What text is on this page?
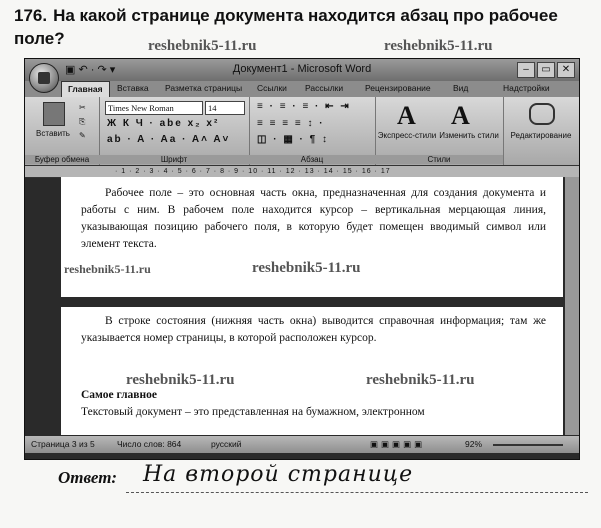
176. На какой странице документа находится абзац про рабочее поле?	reshebnik5-11.ru	reshebnik5-11.ru
▣ ↶ · ↷ ▾	Документ1 - Microsoft Word	– ▭ ✕
Главная	Вставка Разметка страницы Ссылки Рассылки	Рецензирование	Вид	Надстройки
Вставить
✂
⎘
✎
Буфер обмена
Times New Roman	14
Ж К Ч · abe x₂ x²
ab · A · Aa · A˄ A˅
Шрифт
≡ · ≡ · ≡ · ⇤ ⇥
≡ ≡ ≡ ≡ ↕ ·
◫ · ▦ · ¶ ↕
Абзац
A A
Экспресс-стили Изменить стили
Стили
Редактирование
· 1 · 2 · 3 · 4 · 5 · 6 · 7 · 8 · 9 · 10 · 11 · 12 · 13 · 14 · 15 · 16 · 17

Рабочее поле – это основная часть окна, предназначенная для создания документа и работы с ним. В рабочем поле находится курсор – вертикальная мерцающая линия, указывающая позицию рабочего поля, в которую будет помещен вводимый символ или элемент текста.

В строке состояния (нижняя часть окна) выводится справочная информация; там же указывается номер страницы, в которой расположен курсор.

Самое главное

Текстовый документ – это представленная на бумажном, электронном

Страница 3 из 5	Число слов: 864	русский	▣▣▣▣▣	92%
reshebnik5-11.ru	reshebnik5-11.ru
reshebnik5-11.ru	reshebnik5-11.ru
Ответ: На второй странице
